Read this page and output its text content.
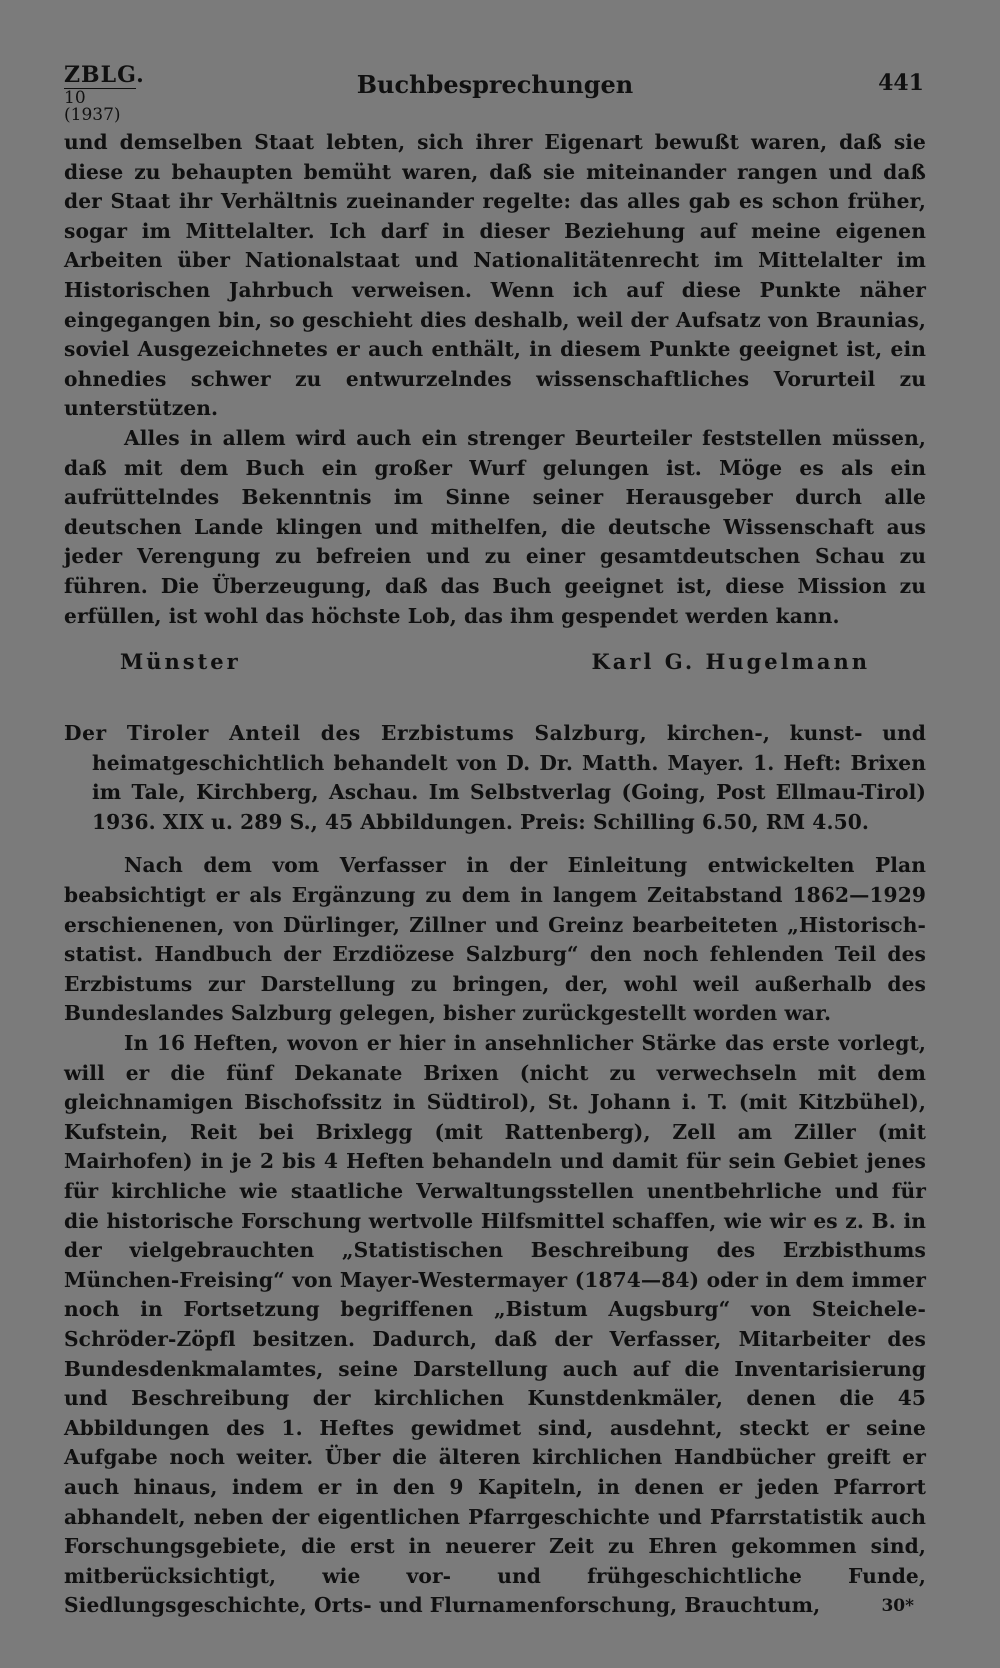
ZBLG.
10 (1937)
Buchbesprechungen	441

und demselben Staat lebten, sich ihrer Eigenart bewußt waren, daß sie diese zu behaupten bemüht waren, daß sie miteinander rangen und daß der Staat ihr Verhältnis zueinander regelte: das alles gab es schon früher, sogar im Mittelalter. Ich darf in dieser Beziehung auf meine eigenen Arbeiten über Nationalstaat und Nationalitätenrecht im Mittelalter im Historischen Jahrbuch verweisen. Wenn ich auf diese Punkte näher eingegangen bin, so geschieht dies deshalb, weil der Aufsatz von Braunias, soviel Ausgezeichnetes er auch enthält, in diesem Punkte geeignet ist, ein ohnedies schwer zu entwurzelndes wissenschaftliches Vorurteil zu unterstützen.

Alles in allem wird auch ein strenger Beurteiler feststellen müssen, daß mit dem Buch ein großer Wurf gelungen ist. Möge es als ein aufrüttelndes Bekenntnis im Sinne seiner Herausgeber durch alle deutschen Lande klingen und mithelfen, die deutsche Wissenschaft aus jeder Verengung zu befreien und zu einer gesamtdeutschen Schau zu führen. Die Überzeugung, daß das Buch geeignet ist, diese Mission zu erfüllen, ist wohl das höchste Lob, das ihm gespendet werden kann.

Münster	Karl G. Hugelmann

Der Tiroler Anteil des Erzbistums Salzburg, kirchen-, kunst- und heimatgeschichtlich behandelt von D. Dr. Matth. Mayer. 1. Heft: Brixen im Tale, Kirchberg, Aschau. Im Selbstverlag (Going, Post Ellmau-Tirol) 1936. XIX u. 289 S., 45 Abbildungen. Preis: Schilling 6.50, RM 4.50.

Nach dem vom Verfasser in der Einleitung entwickelten Plan beabsichtigt er als Ergänzung zu dem in langem Zeitabstand 1862—1929 erschienenen, von Dürlinger, Zillner und Greinz bearbeiteten „Historisch-statist. Handbuch der Erzdiözese Salzburg“ den noch fehlenden Teil des Erzbistums zur Darstellung zu bringen, der, wohl weil außerhalb des Bundeslandes Salzburg gelegen, bisher zurückgestellt worden war.

In 16 Heften, wovon er hier in ansehnlicher Stärke das erste vorlegt, will er die fünf Dekanate Brixen (nicht zu verwechseln mit dem gleichnamigen Bischofssitz in Südtirol), St. Johann i. T. (mit Kitzbühel), Kufstein, Reit bei Brixlegg (mit Rattenberg), Zell am Ziller (mit Mairhofen) in je 2 bis 4 Heften behandeln und damit für sein Gebiet jenes für kirchliche wie staatliche Verwaltungsstellen unentbehrliche und für die historische Forschung wertvolle Hilfsmittel schaffen, wie wir es z. B. in der vielgebrauchten „Statistischen Beschreibung des Erzbisthums München-Freising“ von Mayer-Westermayer (1874—84) oder in dem immer noch in Fortsetzung begriffenen „Bistum Augsburg“ von Steichele-Schröder-Zöpfl besitzen. Dadurch, daß der Verfasser, Mitarbeiter des Bundesdenkmalamtes, seine Darstellung auch auf die Inventarisierung und Beschreibung der kirchlichen Kunstdenkmäler, denen die 45 Abbildungen des 1. Heftes gewidmet sind, ausdehnt, steckt er seine Aufgabe noch weiter. Über die älteren kirchlichen Handbücher greift er auch hinaus, indem er in den 9 Kapiteln, in denen er jeden Pfarrort abhandelt, neben der eigentlichen Pfarrgeschichte und Pfarrstatistik auch Forschungsgebiete, die erst in neuerer Zeit zu Ehren gekommen sind, mitberücksichtigt, wie vor- und frühgeschichtliche Funde, Siedlungsgeschichte, Orts- und Flurnamenforschung, Brauchtum,	30*
